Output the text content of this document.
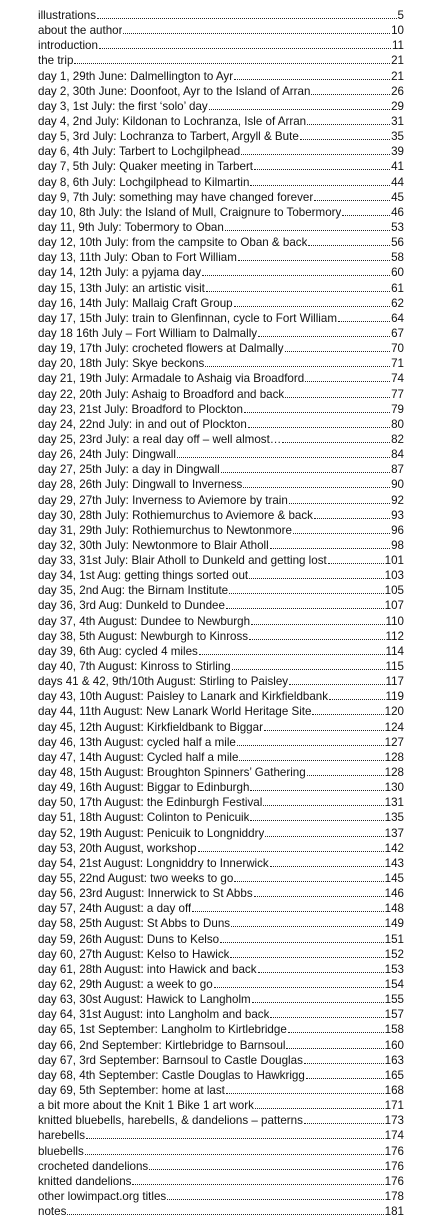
illustrations	5
about the author	10
introduction	11
the trip	21
day 1, 29th June: Dalmellington to Ayr	21
day 2, 30th June: Doonfoot, Ayr to the Island of Arran	26
day 3, 1st July: the first ‘solo’ day	29
day 4, 2nd July: Kildonan to Lochranza, Isle of Arran	31
day 5, 3rd July: Lochranza to Tarbert, Argyll & Bute	35
day 6, 4th July: Tarbert to Lochgilphead	39
day 7, 5th July: Quaker meeting in Tarbert	41
day 8, 6th July: Lochgilphead to Kilmartin	44
day 9, 7th July: something may have changed forever	45
day 10, 8th July: the Island of Mull, Craignure to Tobermory	46
day 11, 9th July: Tobermory to Oban	53
day 12, 10th July: from the campsite to Oban & back	56
day 13, 11th July: Oban to Fort William	58
day 14, 12th July: a pyjama day	60
day 15, 13th July: an artistic visit	61
day 16, 14th July: Mallaig Craft Group	62
day 17, 15th July: train to Glenfinnan, cycle to Fort William	64
day 18 16th July – Fort William to Dalmally	67
day 19, 17th July: crocheted flowers at Dalmally	70
day 20, 18th July: Skye beckons	71
day 21, 19th July: Armadale to Ashaig via Broadford	74
day 22, 20th July: Ashaig to Broadford and back	77
day 23, 21st July: Broadford to Plockton	79
day 24, 22nd July: in and out of Plockton	80
day 25, 23rd July: a real day off – well almost…	82
day 26, 24th July: Dingwall	84
day 27, 25th July: a day in Dingwall	87
day 28, 26th July: Dingwall to Inverness	90
day 29, 27th July: Inverness to Aviemore by train	92
day 30, 28th July: Rothiemurchus to Aviemore & back	93
day 31, 29th July: Rothiemurchus to Newtonmore	96
day 32, 30th July: Newtonmore to Blair Atholl	98
day 33, 31st July: Blair Atholl to Dunkeld and getting lost	101
day 34, 1st Aug: getting things sorted out	103
day 35, 2nd Aug: the Birnam Institute	105
day 36, 3rd Aug: Dunkeld to Dundee	107
day 37, 4th August: Dundee to Newburgh	110
day 38, 5th August: Newburgh to Kinross	112
day 39, 6th Aug: cycled 4 miles	114
day 40, 7th August: Kinross to Stirling	115
days 41 & 42, 9th/10th August: Stirling to Paisley	117
day 43, 10th August: Paisley to Lanark and Kirkfieldbank	119
day 44, 11th August: New Lanark World Heritage Site	120
day 45, 12th August: Kirkfieldbank to Biggar	124
day 46, 13th August: cycled half a mile	127
day 47, 14th August: Cycled half a mile	128
day 48, 15th August: Broughton Spinners’ Gathering	128
day 49, 16th August: Biggar to Edinburgh	130
day 50, 17th August: the Edinburgh Festival	131
day 51, 18th August: Colinton to Penicuik	135
day 52, 19th August: Penicuik to Longniddry	137
day 53, 20th August, workshop	142
day 54, 21st August: Longniddry to Innerwick	143
day 55, 22nd August: two weeks to go	145
day 56, 23rd August: Innerwick to St Abbs	146
day 57, 24th August: a day off	148
day 58, 25th August: St Abbs to Duns	149
day 59, 26th August: Duns to Kelso	151
day 60, 27th August: Kelso to Hawick	152
day 61, 28th August: into Hawick and back	153
day 62, 29th August: a week to go	154
day 63, 30st August: Hawick to Langholm	155
day 64, 31st August: into Langholm and back	157
day 65, 1st September: Langholm to Kirtlebridge	158
day 66, 2nd September: Kirtlebridge to Barnsoul	160
day 67, 3rd September: Barnsoul to Castle Douglas	163
day 68, 4th September: Castle Douglas to Hawkrigg	165
day 69, 5th September: home at last	168
a bit more about the Knit 1 Bike 1 art work	171
knitted bluebells, harebells, & dandelions – patterns	173
harebells	174
bluebells	176
crocheted dandelions	176
knitted dandelions	176
other lowimpact.org titles	178
notes	181
